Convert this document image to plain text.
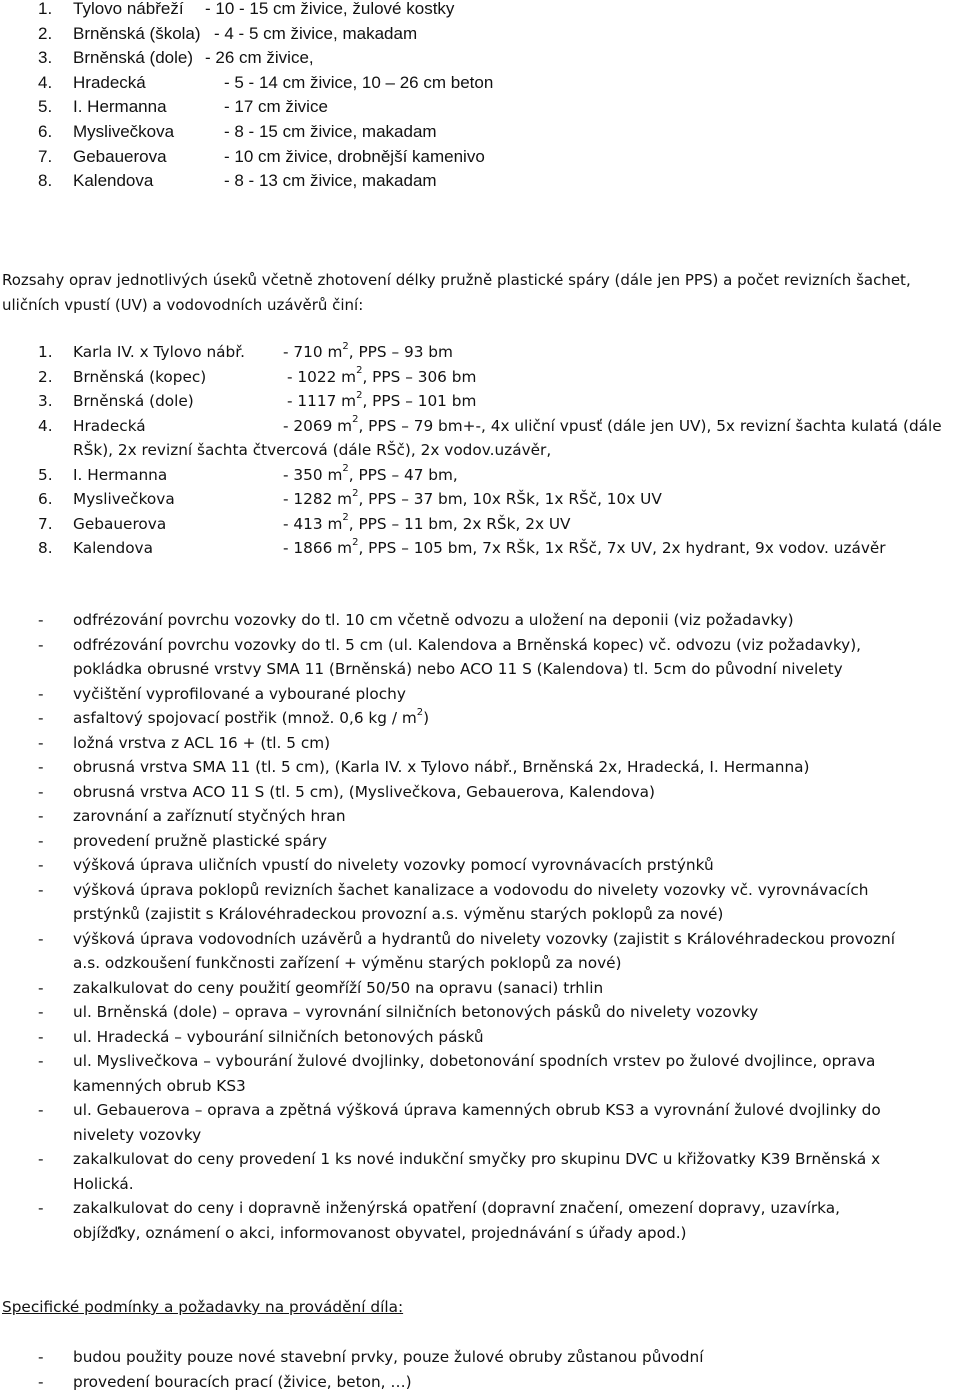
1. Tylovo nábřeží - 10 - 15 cm živice, žulové kostky
2. Brněnská (škola) - 4 - 5 cm živice, makadam
3. Brněnská (dole) - 26 cm živice,
4. Hradecká	- 5 - 14 cm živice, 10 – 26 cm beton
5. I. Hermanna	- 17 cm živice
6. Myslivečkova	- 8 - 15 cm živice, makadam
7. Gebauerova	- 10 cm živice, drobnější kamenivo
8. Kalendova	- 8 - 13 cm živice, makadam
Rozsahy oprav jednotlivých úseků včetně zhotovení délky pružně plastické spáry (dále jen PPS) a počet revizních šachet, uličních vpustí (UV) a vodovodních uzávěrů činí:
1. Karla IV. x Tylovo nábř. - 710 $m^2$, PPS – 93 bm
2. Brněnská (kopec)	- 1022 $m^2$, PPS – 306 bm
3. Brněnská (dole)	- 1117 $m^2$, PPS – 101 bm
4. Hradecká	- 2069 $m^2$, PPS – 79 bm+-, 4x uliční vpusť (dále jen UV), 5x revizní šachta kulatá (dále
RŠk), 2x revizní šachta čtvercová (dále RŠč), 2x vodov.uzávěr,
5. I. Hermanna	- 350 $m^2$, PPS – 47 bm,
6. Myslivečkova	- 1282 $m^2$, PPS – 37 bm, 10x RŠk, 1x RŠč, 10x UV
7. Gebauerova	- 413 $m^2$, PPS – 11 bm, 2x RŠk, 2x UV
8. Kalendova	- 1866 $m^2$, PPS – 105 bm, 7x RŠk, 1x RŠč, 7x UV, 2x hydrant, 9x vodov. uzávěr
- odfrézování povrchu vozovky do tl. 10 cm včetně odvozu a uložení na deponii (viz požadavky)
- odfrézování povrchu vozovky do tl. 5 cm (ul. Kalendova a Brněnská kopec) vč. odvozu (viz požadavky),
pokládka obrusné vrstvy SMA 11 (Brněnská) nebo ACO 11 S (Kalendova) tl. 5cm do původní nivelety
- vyčištění vyprofilované a vybourané plochy
- asfaltový spojovací postřik (množ. 0,6 kg / $m^2$)
- ložná vrstva z ACL 16 + (tl. 5 cm)
- obrusná vrstva SMA 11 (tl. 5 cm), (Karla IV. x Tylovo nábř., Brněnská 2x, Hradecká, I. Hermanna)
- obrusná vrstva ACO 11 S (tl. 5 cm), (Myslivečkova, Gebauerova, Kalendova)
- zarovnání a zaříznutí styčných hran
- provedení pružně plastické spáry
- výšková úprava uličních vpustí do nivelety vozovky pomocí vyrovnávacích prstýnků
- výšková úprava poklopů revizních šachet kanalizace a vodovodu do nivelety vozovky vč. vyrovnávacích
prstýnků (zajistit s Královéhradeckou provozní a.s. výměnu starých poklopů za nové)
- výšková úprava vodovodních uzávěrů a hydrantů do nivelety vozovky (zajistit s Královéhradeckou provozní
a.s. odzkoušení funkčnosti zařízení + výměnu starých poklopů za nové)
- zakalkulovat do ceny použití geomříží 50/50 na opravu (sanaci) trhlin
- ul. Brněnská (dole) – oprava – vyrovnání silničních betonových pásků do nivelety vozovky
- ul. Hradecká – vybourání silničních betonových pásků
- ul. Myslivečkova – vybourání žulové dvojlinky, dobetonování spodních vrstev po žulové dvojlince, oprava
kamenných obrub KS3
- ul. Gebauerova – oprava a zpětná výšková úprava kamenných obrub KS3 a vyrovnání žulové dvojlinky do
nivelety vozovky
- zakalkulovat do ceny provedení 1 ks nové indukční smyčky pro skupinu DVC u křižovatky K39 Brněnská x
Holická.
- zakalkulovat do ceny i dopravně inženýrská opatření (dopravní značení, omezení dopravy, uzavírka,
objížďky, oznámení o akci, informovanost obyvatel, projednávání s úřady apod.)
Specifické podmínky a požadavky na provádění díla:
- budou použity pouze nové stavební prvky, pouze žulové obruby zůstanou původní
- provedení bouracích prací (živice, beton, …)
